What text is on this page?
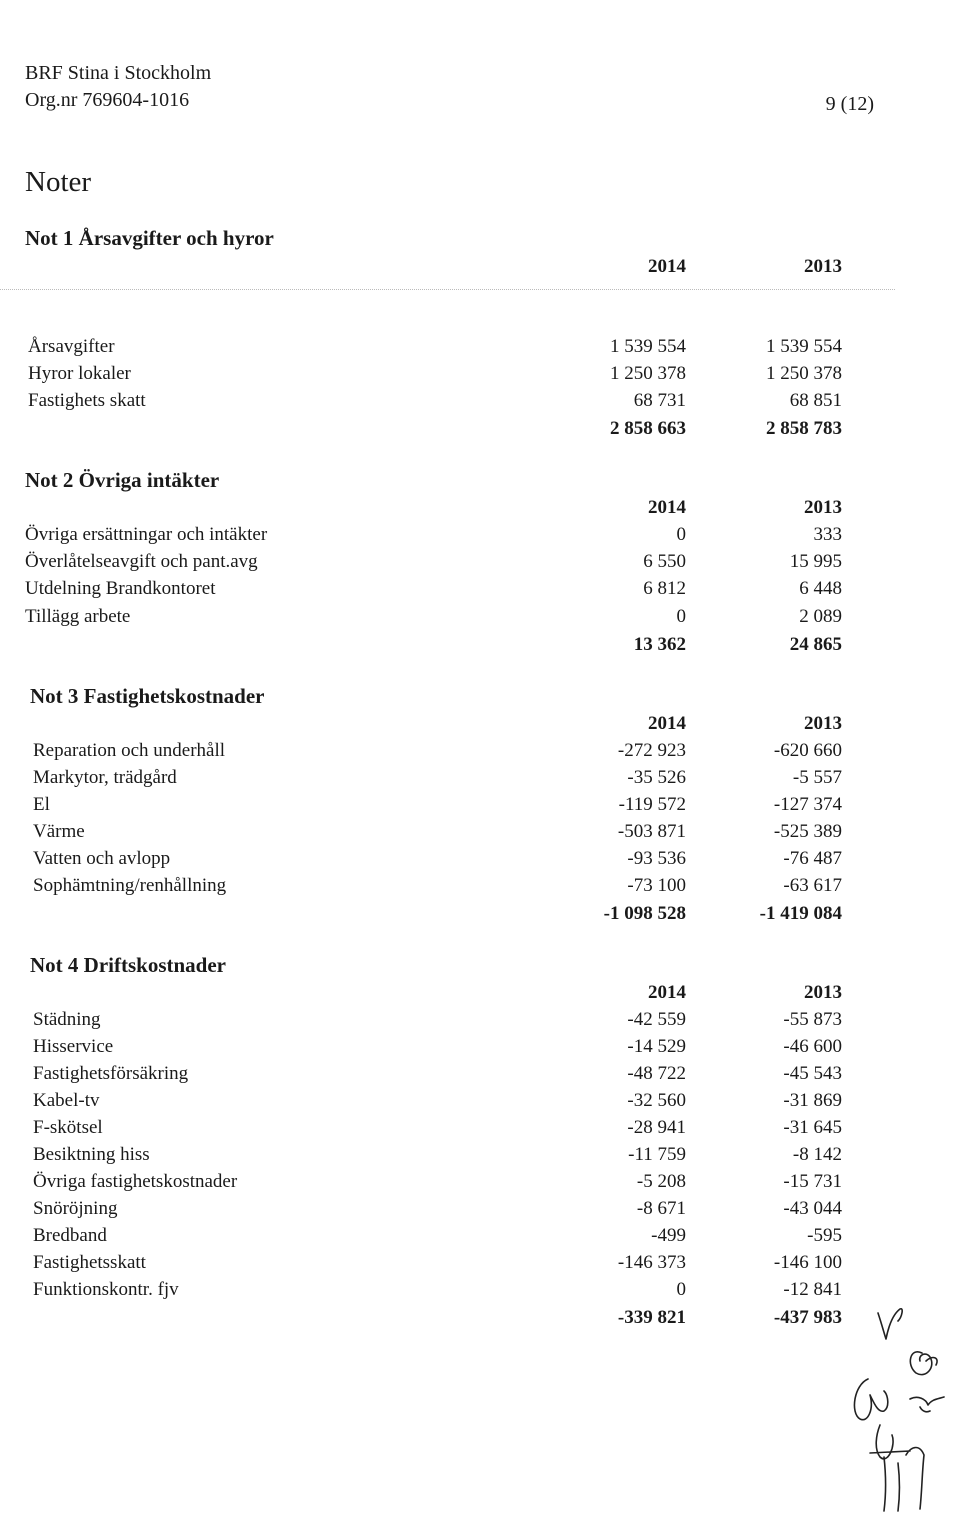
BRF Stina i Stockholm
Org.nr 769604-1016	9 (12)
Noter
Not 1 Årsavgifter och hyror
2014	2013
Årsavgifter	1 539 554	1 539 554
Hyror lokaler	1 250 378	1 250 378
Fastighets skatt	68 731	68 851
2 858 663	2 858 783
Not 2 Övriga intäkter
2014	2013
Övriga ersättningar och intäkter	0	333
Överlåtelseavgift och pant.avg	6 550	15 995
Utdelning Brandkontoret	6 812	6 448
Tillägg arbete	0	2 089
13 362	24 865
Not 3 Fastighetskostnader
2014	2013
Reparation och underhåll	-272 923	-620 660
Markytor, trädgård	-35 526	-5 557
El	-119 572	-127 374
Värme	-503 871	-525 389
Vatten och avlopp	-93 536	-76 487
Sophämtning/renhållning	-73 100	-63 617
-1 098 528	-1 419 084
Not 4 Driftskostnader
2014	2013
Städning	-42 559	-55 873
Hisservice	-14 529	-46 600
Fastighetsförsäkring	-48 722	-45 543
Kabel-tv	-32 560	-31 869
F-skötsel	-28 941	-31 645
Besiktning hiss	-11 759	-8 142
Övriga fastighetskostnader	-5 208	-15 731
Snöröjning	-8 671	-43 044
Bredband	-499	-595
Fastighetsskatt	-146 373	-146 100
Funktionskontr. fjv	0	-12 841
-339 821	-437 983
